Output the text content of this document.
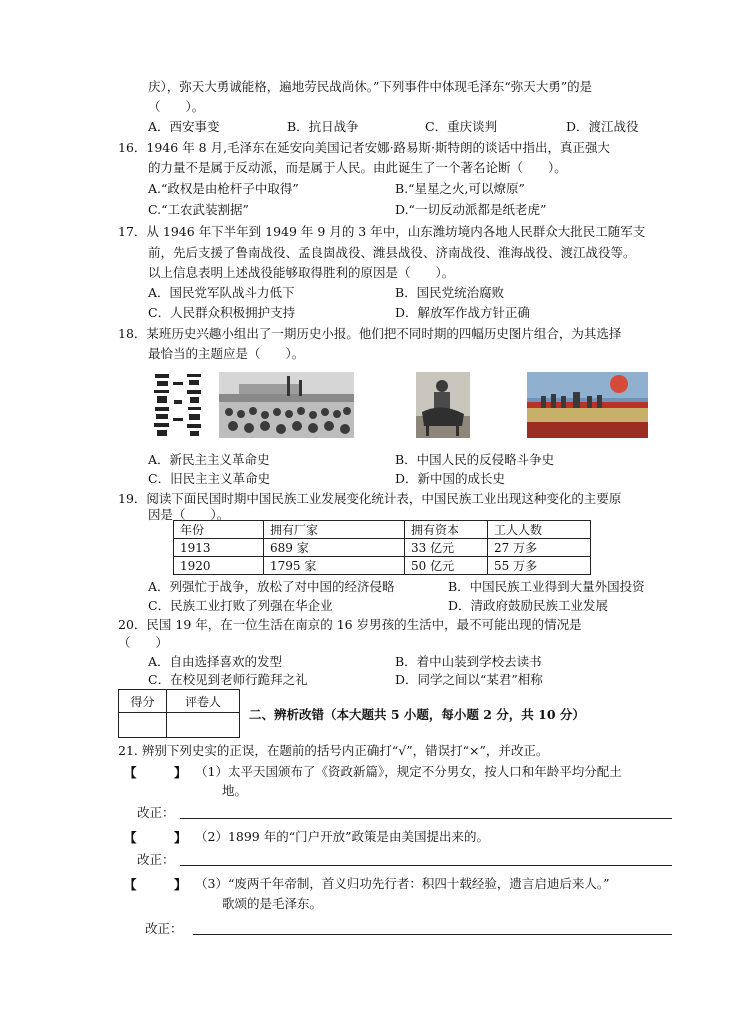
庆），弥天大勇诚能格，遍地劳民战尚休。”下列事件中体现毛泽东“弥天大勇”的是
（　　）。
A．西安事变	B．抗日战争	C．重庆谈判	D．渡江战役
16．1946 年 8 月,毛泽东在延安向美国记者安娜·路易斯·斯特朗的谈话中指出，真正强大
的力量不是属于反动派，而是属于人民。由此诞生了一个著名论断（　　）。
A.“政权是由枪杆子中取得”	B.“星星之火,可以燎原”
C.“工农武装割据”	D.“一切反动派都是纸老虎”
17．从 1946 年下半年到 1949 年 9 月的 3 年中，山东潍坊境内各地人民群众大批民工随军支
前，先后支援了鲁南战役、孟良崮战役、潍县战役、济南战役、淮海战役、渡江战役等。
以上信息表明上述战役能够取得胜利的原因是（　　）。
A．国民党军队战斗力低下	B．国民党统治腐败
C．人民群众积极拥护支持	D．解放军作战方针正确
18．某班历史兴趣小组出了一期历史小报。他们把不同时期的四幅历史图片组合，为其选择
最恰当的主题应是（　　）。
A．新民主主义革命史	B．中国人民的反侵略斗争史
C．旧民主主义革命史	D．新中国的成长史
19．阅读下面民国时期中国民族工业发展变化统计表，中国民族工业出现这种变化的主要原
因是（　　）。
年份	拥有厂家	拥有资本	工人人数
1913	689 家	33 亿元	27 万多
1920	1795 家	50 亿元	55 万多
A．列强忙于战争，放松了对中国的经济侵略	B．中国民族工业得到大量外国投资
C．民族工业打败了列强在华企业	D．清政府鼓励民族工业发展
20．民国 19 年，在一位生活在南京的 16 岁男孩的生活中，最不可能出现的情况是
（　　）
A．自由选择喜欢的发型	B．着中山装到学校去读书
C．在校见到老师行跪拜之礼	D．同学之间以“某君”相称
得分	评卷人

二、辨析改错（本大题共 5 小题，每小题 2 分，共 10 分）
21. 辨别下列史实的正误，在题前的括号内正确打“√”，错误打“×”，并改正。
【　　　】 （1）太平天国颁布了《资政新篇》，规定不分男女，按人口和年龄平均分配土
地。
改正：
【　　　】 （2）1899 年的“门户开放”政策是由美国提出来的。
改正：
【　　　】 （3）“废两千年帝制，首义归功先行者：积四十载经验，遗言启迪后来人。”
歌颂的是毛泽东。
改正：
